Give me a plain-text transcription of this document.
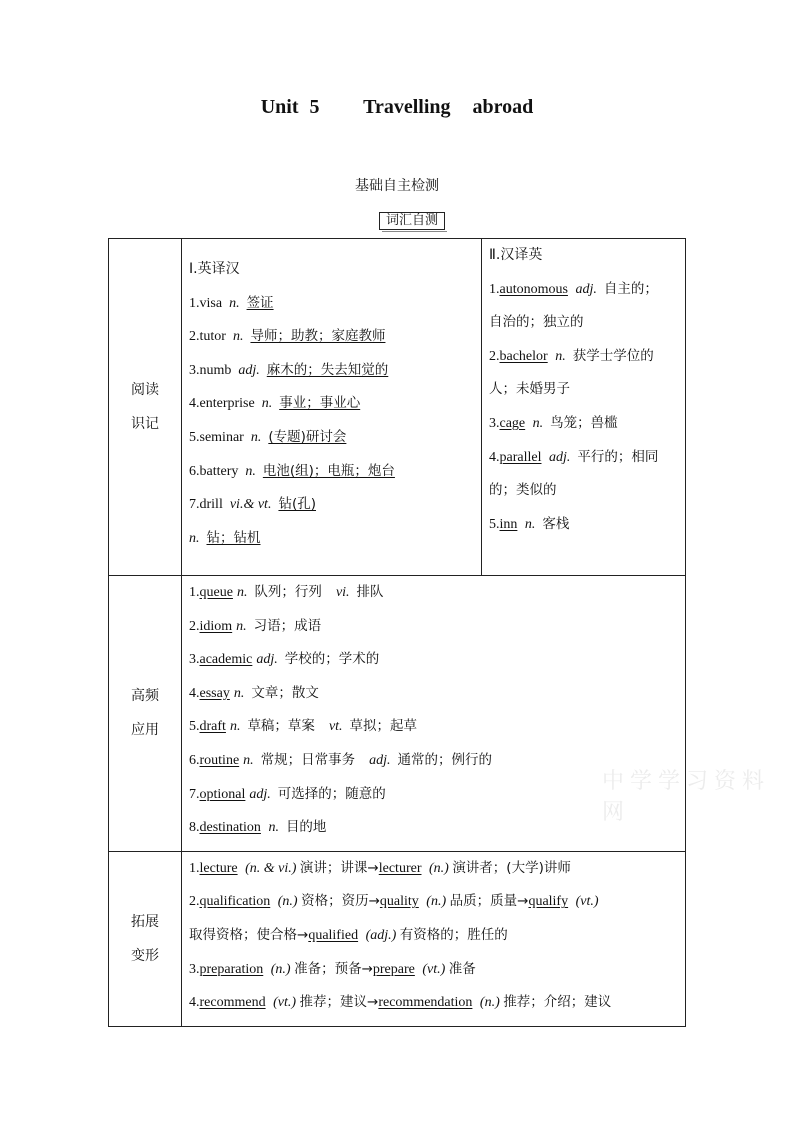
Unit 5    Travelling  abroad
基础自主检测
词汇自测
阅读
识记

Ⅰ.英译汉
1.visa n. 签证
2.tutor n. 导师；助教；家庭教师
3.numb adj. 麻木的；失去知觉的
4.enterprise n. 事业；事业心
5.seminar n. (专题)研讨会
6.battery n. 电池(组)；电瓶；炮台
7.drill vi.& vt. 钻(孔)
n. 钻；钻机

Ⅱ.汉译英
1.autonomous adj. 自主的；
自治的；独立的
2.bachelor n. 获学士学位的
人；未婚男子
3.cage n. 鸟笼；兽槛
4.parallel adj. 平行的；相同
的；类似的
5.inn n. 客栈

高频
应用

1.queue n. 队列；行列 vi. 排队
2.idiom n. 习语；成语
3.academic adj. 学校的；学术的
4.essay n. 文章；散文
5.draft n. 草稿；草案 vt. 草拟；起草
6.routine n. 常规；日常事务 adj. 通常的；例行的
7.optional adj. 可选择的；随意的
8.destination n. 目的地

拓展
变形

1.lecture (n. & vi.) 演讲；讲课→lecturer (n.) 演讲者；(大学)讲师
2.qualification (n.) 资格；资历→quality (n.) 品质；质量→qualify (vt.)
取得资格；使合格→qualified (adj.) 有资格的；胜任的
3.preparation (n.) 准备；预备→prepare (vt.) 准备
4.recommend (vt.) 推荐；建议→recommendation (n.) 推荐；介绍；建议
中学学习资料网
